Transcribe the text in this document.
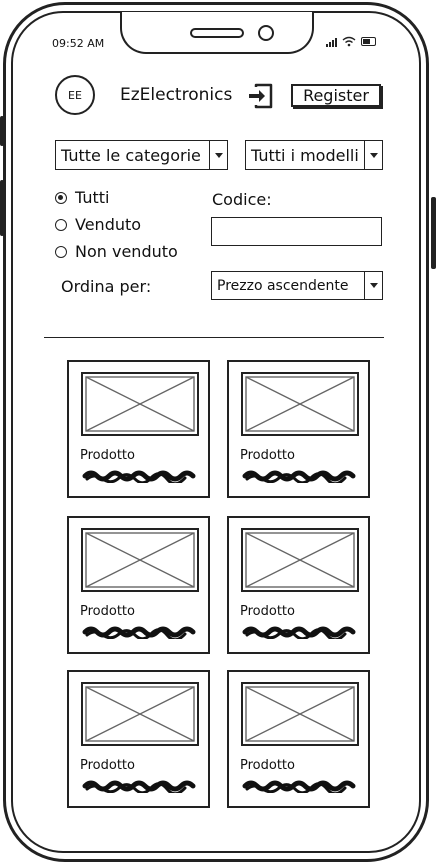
09:52 AM
EE	EzElectronics	Register
Tutte le categorie	Tutti i modelli
Tutti
Venduto
Non venduto
Codice:
Ordina per:	Prezzo ascendente
Prodotto	Prodotto
Prodotto	Prodotto
Prodotto	Prodotto
